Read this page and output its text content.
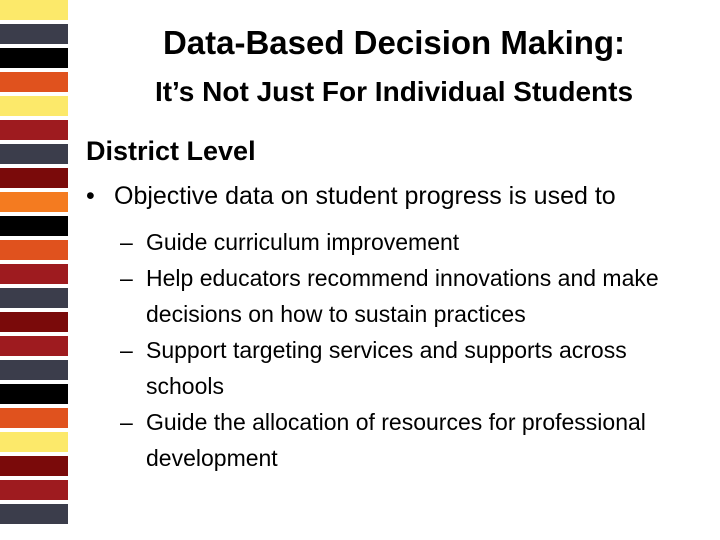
Data-Based Decision Making:
It’s Not Just For Individual Students
District Level
• Objective data on student progress is used to
– Guide curriculum improvement
– Help educators recommend innovations and make decisions on how to sustain practices
– Support targeting services and supports across schools
– Guide the allocation of resources for professional development
